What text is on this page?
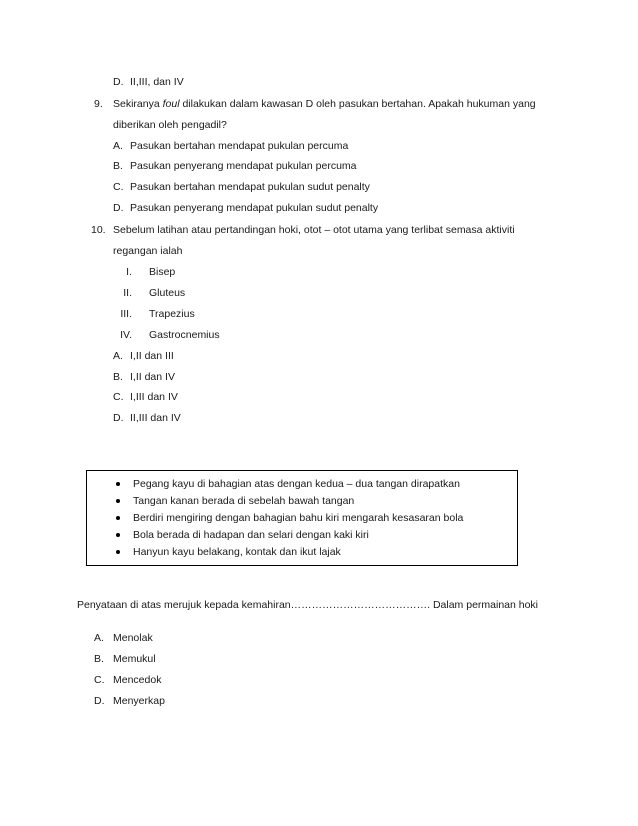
D. II,III, dan IV
9. Sekiranya foul dilakukan dalam kawasan D oleh pasukan bertahan. Apakah hukuman yang
diberikan oleh pengadil?
A. Pasukan bertahan mendapat pukulan percuma
B. Pasukan penyerang mendapat pukulan percuma
C. Pasukan bertahan mendapat pukulan sudut penalty
D. Pasukan penyerang mendapat pukulan sudut penalty
10. Sebelum latihan atau pertandingan hoki, otot – otot utama yang terlibat semasa aktiviti
regangan ialah
I. Bisep
II. Gluteus
III. Trapezius
IV. Gastrocnemius
A. I,II dan III
B. I,II dan IV
C. I,III dan IV
D. II,III dan IV
Pegang kayu di bahagian atas dengan kedua – dua tangan dirapatkan
Tangan kanan berada di sebelah bawah tangan
Berdiri mengiring dengan bahagian bahu kiri mengarah kesasaran bola
Bola berada di hadapan dan selari dengan kaki kiri
Hanyun kayu belakang, kontak dan ikut lajak
Penyataan di atas merujuk kepada kemahiran…………………………………. Dalam permainan hoki
A. Menolak
B. Memukul
C. Mencedok
D. Menyerkap
